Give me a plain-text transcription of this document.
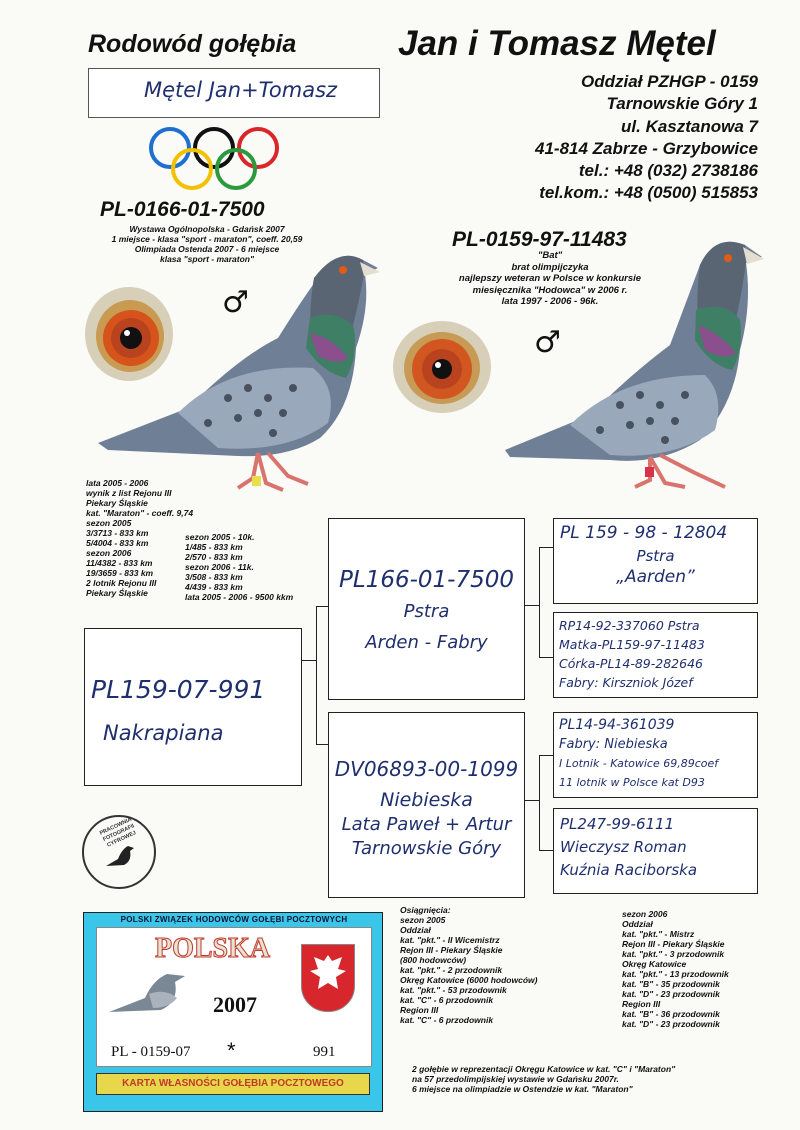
Rodowód gołębia	Jan i Tomasz Mętel
Mętel Jan+Tomasz	Oddział PZHGP - 0159
Tarnowskie Góry 1
ul. Kasztanowa 7
41-814 Zabrze - Grzybowice
tel.: +48 (032) 2738186
tel.kom.: +48 (0500) 515853
PL-0166-01-7500
Wystawa Ogólnopolska - Gdańsk 2007
1 miejsce - klasa "sport - maraton", coeff. 20,59
Olimpiada Ostenda 2007 - 6 miejsce
klasa "sport - maraton"
♂
PL-0159-97-11483
"Bat"
brat olimpijczyka
najlepszy weteran w Polsce w konkursie
miesięcznika "Hodowca" w 2006 r.
lata 1997 - 2006 - 96k.
♂
lata 2005 - 2006
wynik z list Rejonu III
Piekary Śląskie
kat. "Maraton" - coeff. 9,74
sezon 2005
3/3713 - 833 km
5/4004 - 833 km
sezon 2006
11/4382 - 833 km
19/3659 - 833 km
2 lotnik Rejonu III
Piekary Śląskie
sezon 2005 - 10k.
1/485 - 833 km
2/570 - 833 km
sezon 2006 - 11k.
3/508 - 833 km
4/439 - 833 km
lata 2005 - 2006 - 9500 kkm
PL159-07-991
Nakrapiana
PL166-01-7500
Pstra
Arden - Fabry
DV06893-00-1099
Niebieska
Lata Paweł + Artur
Tarnowskie Góry
PL 159 - 98 - 12804
Pstra
„Aarden”
RP14-92-337060 Pstra
Matka-PL159-97-11483
Córka-PL14-89-282646
Fabry: Kirszniok Józef
PL14-94-361039
Fabry: Niebieska
I Lotnik - Katowice 69,89coef
11 lotnik w Polsce kat D93
PL247-99-6111
Wieczysz Roman
Kuźnia Raciborska
PRACOWNIA FOTOGRAFII CYFROWEJ
POLSKI ZWIĄZEK HODOWCÓW GOŁĘBI POCZTOWYCH
POLSKA
2007
PL - 0159-07 *	991
KARTA WŁASNOŚCI GOŁĘBIA POCZTOWEGO
Osiągnięcia:
sezon 2005
Oddział
kat. "pkt." - II Wicemistrz
Rejon III - Piekary Śląskie
(800 hodowców)
kat. "pkt." - 2 przodownik
Okręg Katowice (6000 hodowców)
kat. "pkt." - 53 przodownik
kat. "C" - 6 przodownik
Region III
kat. "C" - 6 przodownik
sezon 2006
Oddział
kat. "pkt." - Mistrz
Rejon III - Piekary Śląskie
kat. "pkt." - 3 przodownik
Okręg Katowice
kat. "pkt." - 13 przodownik
kat. "B" - 35 przodownik
kat. "D" - 23 przodownik
Region III
kat. "B" - 36 przodownik
kat. "D" - 23 przodownik
2 gołębie w reprezentacji Okręgu Katowice w kat. "C" i "Maraton"
na 57 przedolimpijskiej wystawie w Gdańsku 2007r.
6 miejsce na olimpiadzie w Ostendzie w kat. "Maraton"
